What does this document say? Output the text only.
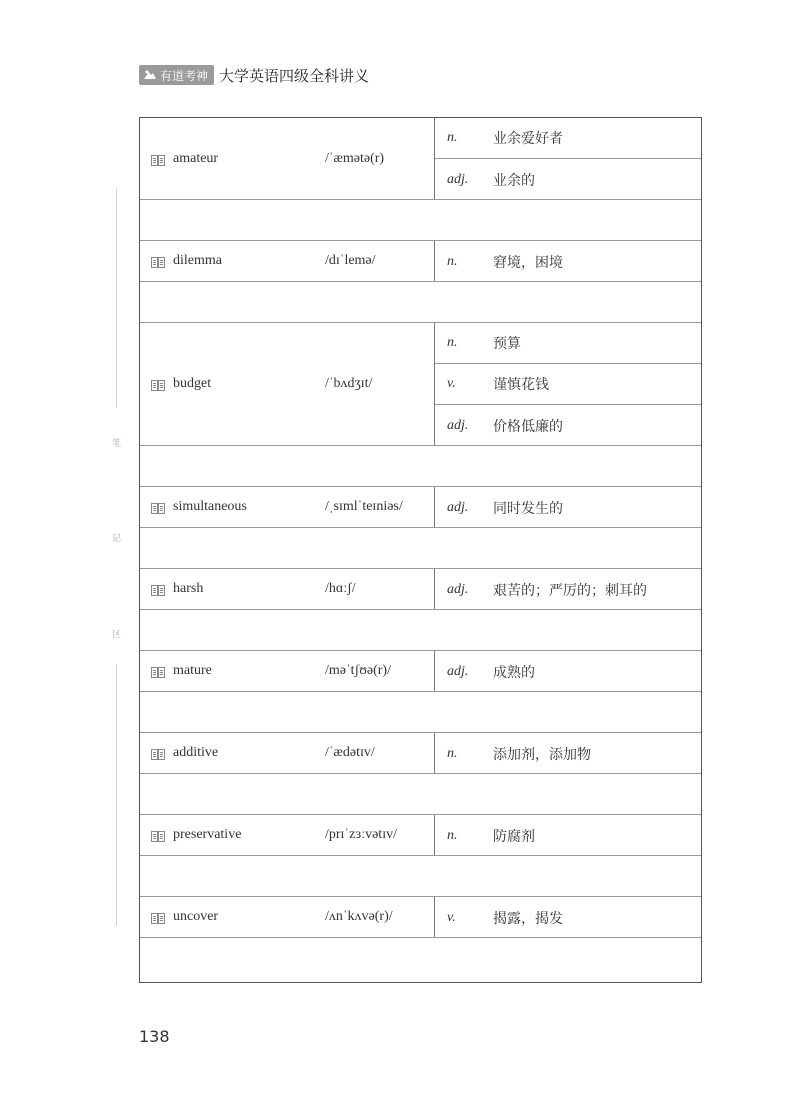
有道考神 大学英语四级全科讲义
笔
记
区
amateur	/ˈæmətə(r)
n.	业余爱好者
adj. 业余的
dilemma	/dɪˈlemə/	n.	窘境，困境
budget	/ˈbʌdʒɪt/
n.	预算
v.	谨慎花钱
adj. 价格低廉的
simultaneous	/ˌsɪmlˈteɪniəs/	adj. 同时发生的
harsh	/hɑːʃ/	adj. 艰苦的；严厉的；刺耳的
mature	/məˈtʃʊə(r)/	adj. 成熟的
additive	/ˈædətɪv/	n.	添加剂，添加物
preservative	/prɪˈzɜːvətɪv/	n.	防腐剂
uncover	/ʌnˈkʌvə(r)/	v.	揭露，揭发
138
